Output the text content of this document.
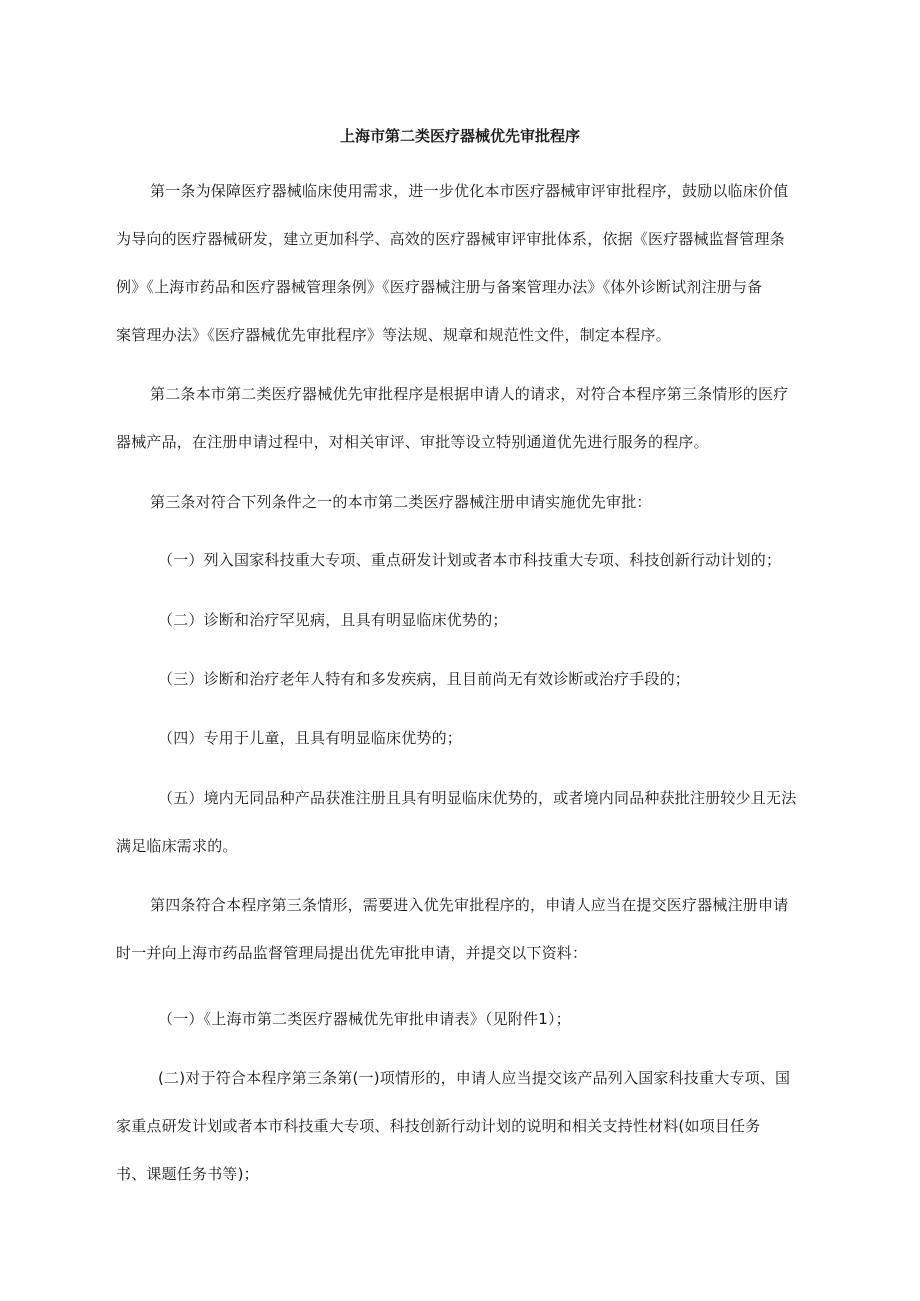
上海市第二类医疗器械优先审批程序
第一条为保障医疗器械临床使用需求，进一步优化本市医疗器械审评审批程序，鼓励以临床价值
为导向的医疗器械研发，建立更加科学、高效的医疗器械审评审批体系，依据《医疗器械监督管理条
例》《上海市药品和医疗器械管理条例》《医疗器械注册与备案管理办法》《体外诊断试剂注册与备
案管理办法》《医疗器械优先审批程序》等法规、规章和规范性文件，制定本程序。
第二条本市第二类医疗器械优先审批程序是根据申请人的请求，对符合本程序第三条情形的医疗
器械产品，在注册申请过程中，对相关审评、审批等设立特别通道优先进行服务的程序。
第三条对符合下列条件之一的本市第二类医疗器械注册申请实施优先审批：
（一）列入国家科技重大专项、重点研发计划或者本市科技重大专项、科技创新行动计划的；
（二）诊断和治疗罕见病，且具有明显临床优势的；
（三）诊断和治疗老年人特有和多发疾病，且目前尚无有效诊断或治疗手段的；
（四）专用于儿童，且具有明显临床优势的；
（五）境内无同品种产品获准注册且具有明显临床优势的，或者境内同品种获批注册较少且无法
满足临床需求的。
第四条符合本程序第三条情形，需要进入优先审批程序的，申请人应当在提交医疗器械注册申请
时一并向上海市药品监督管理局提出优先审批申请，并提交以下资料：
（一）《上海市第二类医疗器械优先审批申请表》（见附件1）；
(二)对于符合本程序第三条第(一)项情形的，申请人应当提交该产品列入国家科技重大专项、国
家重点研发计划或者本市科技重大专项、科技创新行动计划的说明和相关支持性材料(如项目任务
书、课题任务书等)；
